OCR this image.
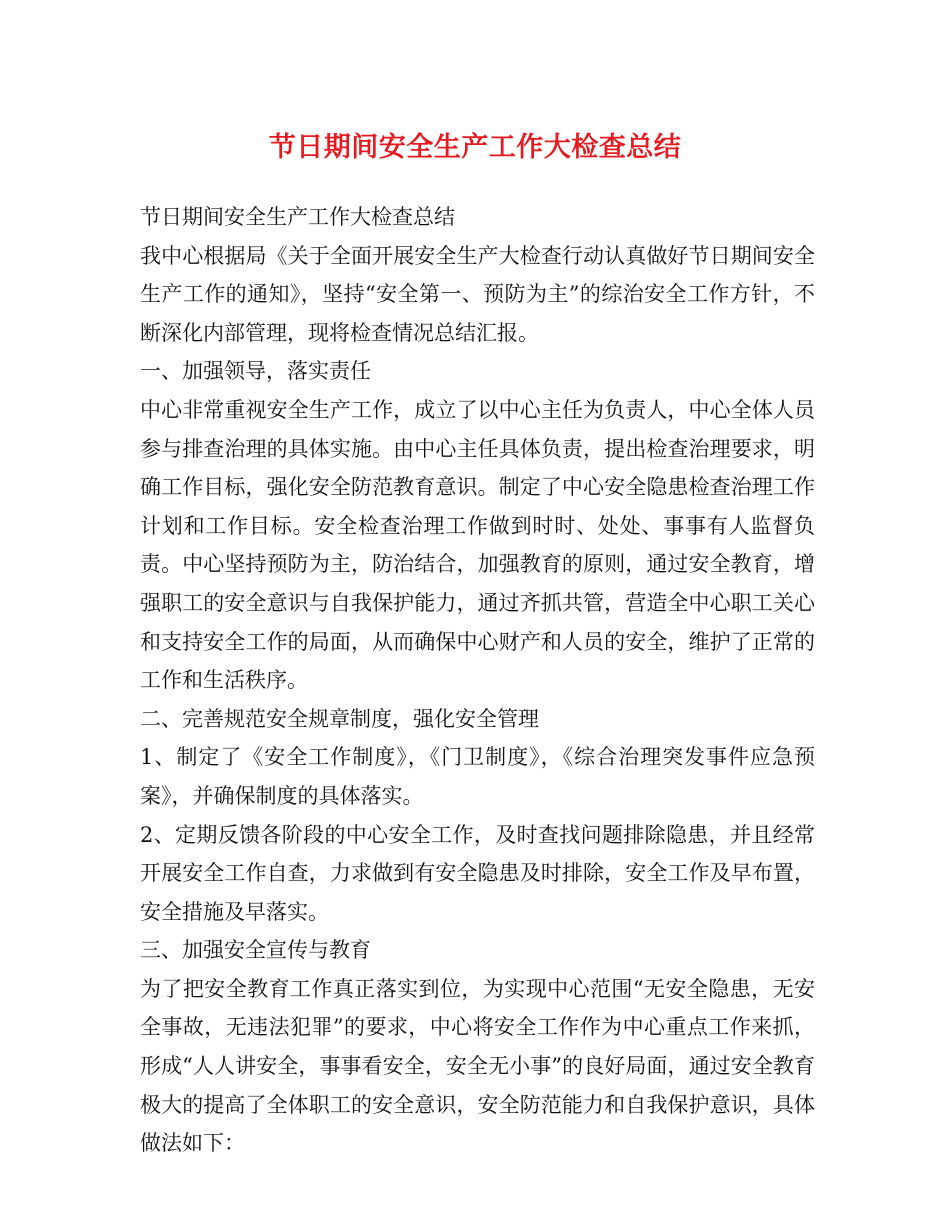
节日期间安全生产工作大检查总结

节日期间安全生产工作大检查总结

我中心根据局《关于全面开展安全生产大检查行动认真做好节日期间安全生产工作的通知》，坚持“安全第一、预防为主”的综治安全工作方针，不断深化内部管理，现将检查情况总结汇报。

一、加强领导，落实责任

中心非常重视安全生产工作，成立了以中心主任为负责人，中心全体人员参与排查治理的具体实施。由中心主任具体负责，提出检查治理要求，明确工作目标，强化安全防范教育意识。制定了中心安全隐患检查治理工作计划和工作目标。安全检查治理工作做到时时、处处、事事有人监督负责。中心坚持预防为主，防治结合，加强教育的原则，通过安全教育，增强职工的安全意识与自我保护能力，通过齐抓共管，营造全中心职工关心和支持安全工作的局面，从而确保中心财产和人员的安全，维护了正常的工作和生活秩序。

二、完善规范安全规章制度，强化安全管理

1、制定了《安全工作制度》，《门卫制度》，《综合治理突发事件应急预案》，并确保制度的具体落实。

2、定期反馈各阶段的中心安全工作，及时查找问题排除隐患，并且经常开展安全工作自查，力求做到有安全隐患及时排除，安全工作及早布置，安全措施及早落实。

三、加强安全宣传与教育

为了把安全教育工作真正落实到位，为实现中心范围“无安全隐患，无安全事故，无违法犯罪”的要求，中心将安全工作作为中心重点工作来抓，形成“人人讲安全，事事看安全，安全无小事”的良好局面，通过安全教育极大的提高了全体职工的安全意识，安全防范能力和自我保护意识，具体做法如下：
